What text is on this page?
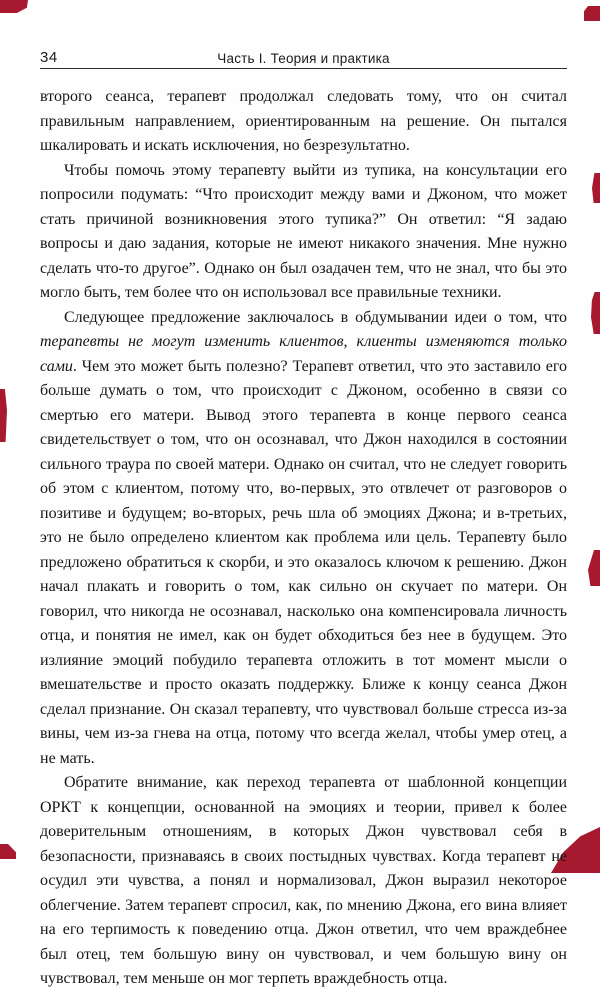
34	Часть I. Теория и практика

второго сеанса, терапевт продолжал следовать тому, что он считал правильным направлением, ориентированным на решение. Он пытался шкалировать и искать исключения, но безрезультатно.

Чтобы помочь этому терапевту выйти из тупика, на консультации его попросили подумать: “Что происходит между вами и Джоном, что может стать причиной возникновения этого тупика?” Он ответил: “Я задаю вопросы и даю задания, которые не имеют никакого значения. Мне нужно сделать что-то другое”. Однако он был озадачен тем, что не знал, что бы это могло быть, тем более что он использовал все правильные техники.

Следующее предложение заключалось в обдумывании идеи о том, что терапевты не могут изменить клиентов, клиенты изменяются только сами. Чем это может быть полезно? Терапевт ответил, что это заставило его больше думать о том, что происходит с Джоном, особенно в связи со смертью его матери. Вывод этого терапевта в конце первого сеанса свидетельствует о том, что он осознавал, что Джон находился в состоянии сильного траура по своей матери. Однако он считал, что не следует говорить об этом с клиентом, потому что, во-первых, это отвлечет от разговоров о позитиве и будущем; во-вторых, речь шла об эмоциях Джона; и в-третьих, это не было определено клиентом как проблема или цель. Терапевту было предложено обратиться к скорби, и это оказалось ключом к решению. Джон начал плакать и говорить о том, как сильно он скучает по матери. Он говорил, что никогда не осознавал, насколько она компенсировала личность отца, и понятия не имел, как он будет обходиться без нее в будущем. Это излияние эмоций побудило терапевта отложить в тот момент мысли о вмешательстве и просто оказать поддержку. Ближе к концу сеанса Джон сделал признание. Он сказал терапевту, что чувствовал больше стресса из-за вины, чем из-за гнева на отца, потому что всегда желал, чтобы умер отец, а не мать.

Обратите внимание, как переход терапевта от шаблонной концепции ОРКТ к концепции, основанной на эмоциях и теории, привел к более доверительным отношениям, в которых Джон чувствовал себя в безопасности, признаваясь в своих постыдных чувствах. Когда терапевт не осудил эти чувства, а понял и нормализовал, Джон выразил некоторое облегчение. Затем терапевт спросил, как, по мнению Джона, его вина влияет на его терпимость к поведению отца. Джон ответил, что чем враждебнее был отец, тем большую вину он чувствовал, и чем большую вину он чувствовал, тем меньше он мог терпеть враждебность отца.
